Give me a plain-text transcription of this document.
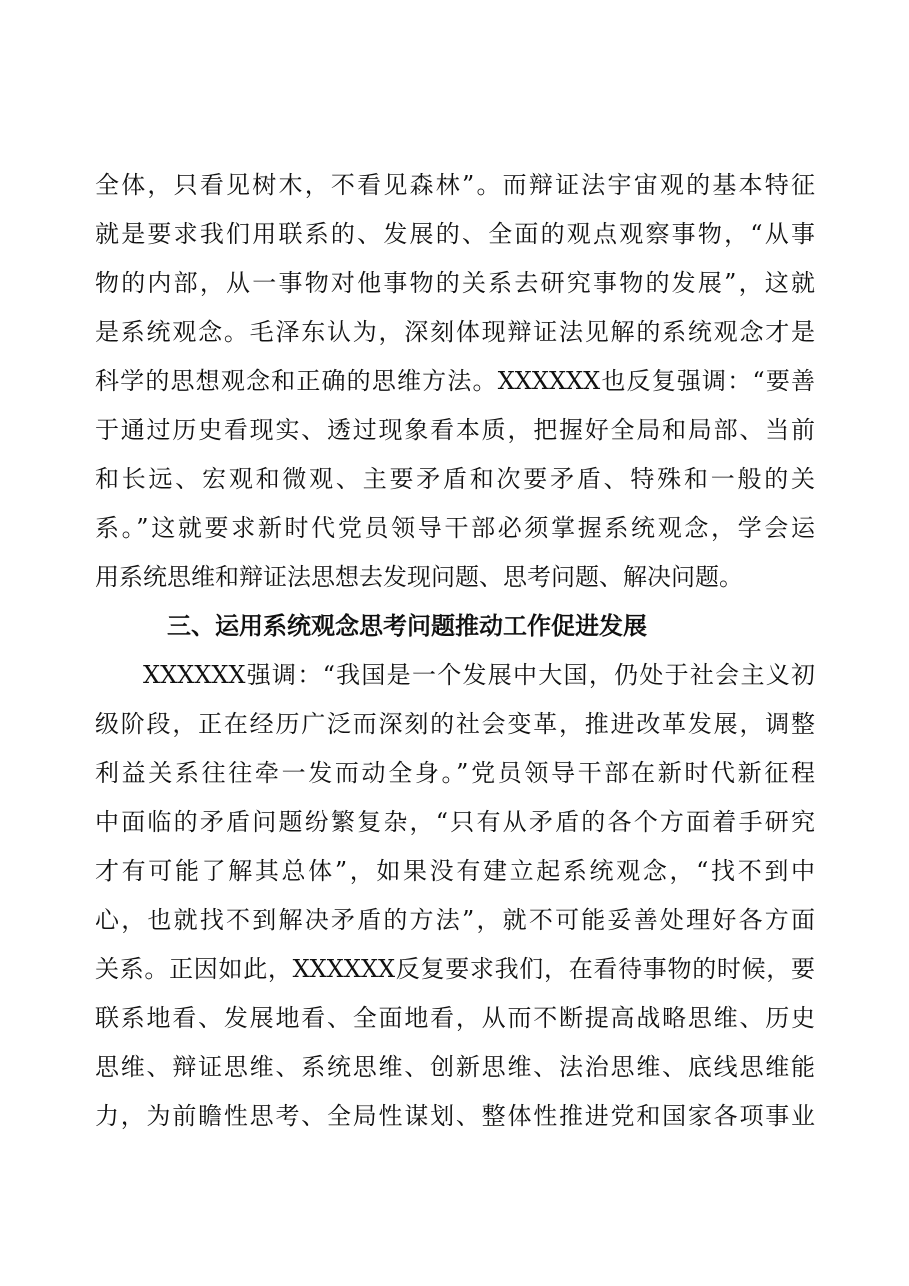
全体，只看见树木，不看见森林”。而辩证法宇宙观的基本特征
就是要求我们用联系的、发展的、全面的观点观察事物，“从事
物的内部，从一事物对他事物的关系去研究事物的发展”，这就
是系统观念。毛泽东认为，深刻体现辩证法见解的系统观念才是
科学的思想观念和正确的思维方法。XXXXXX也反复强调：“要善
于通过历史看现实、透过现象看本质，把握好全局和局部、当前
和长远、宏观和微观、主要矛盾和次要矛盾、特殊和一般的关
系。”这就要求新时代党员领导干部必须掌握系统观念，学会运
用系统思维和辩证法思想去发现问题、思考问题、解决问题。
三、运用系统观念思考问题推动工作促进发展
XXXXXX强调：“我国是一个发展中大国，仍处于社会主义初
级阶段，正在经历广泛而深刻的社会变革，推进改革发展，调整
利益关系往往牵一发而动全身。”党员领导干部在新时代新征程
中面临的矛盾问题纷繁复杂，“只有从矛盾的各个方面着手研究
才有可能了解其总体”，如果没有建立起系统观念，“找不到中
心，也就找不到解决矛盾的方法”，就不可能妥善处理好各方面
关系。正因如此，XXXXXX反复要求我们，在看待事物的时候，要
联系地看、发展地看、全面地看，从而不断提高战略思维、历史
思维、辩证思维、系统思维、创新思维、法治思维、底线思维能
力，为前瞻性思考、全局性谋划、整体性推进党和国家各项事业
